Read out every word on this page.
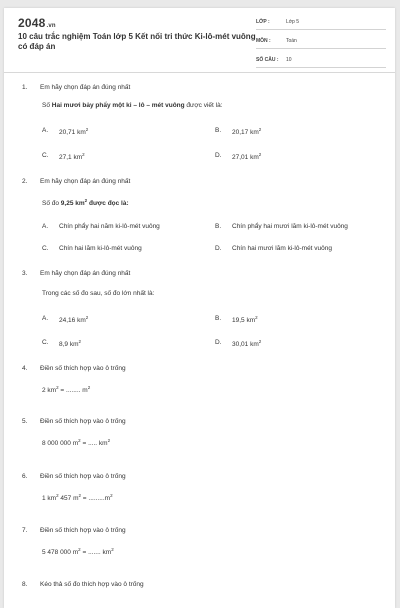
2048.vn
10 câu trắc nghiệm Toán lớp 5 Kết nối tri thức Ki-lô-mét vuông có đáp án
LỚP :	Lớp 5
MÔN :	Toán
SỐ CÂU :	10
1.	Em hãy chọn đáp án đúng nhất
Số Hai mươi bảy phẩy một ki – lô – mét vuông được viết là:
A.	20,71 $km^2$	B.	20,17 $km^2$
C.	27,1 $km^2$	D.	27,01 $km^2$
2.	Em hãy chọn đáp án đúng nhất
Số đo 9,25 $km^2$ được đọc là:
A.	Chín phẩy hai năm ki-lô-mét vuông	B.	Chín phẩy hai mươi lăm ki-lô-mét vuông
C.	Chín hai lăm ki-lô-mét vuông	D.	Chín hai mươi lăm ki-lô-mét vuông
3.	Em hãy chọn đáp án đúng nhất
Trong các số đo sau, số đo lớn nhất là:
A.	24,16 $km^2$	B.	19,5 $km^2$
C.	8,9 $km^2$	D.	30,01 $km^2$
4.	Điền số thích hợp vào ô trống
2 $km^2$ = ........ $m^2$
5.	Điền số thích hợp vào ô trống
8 000 000 $m^2$ = ..... $km^2$
6.	Điền số thích hợp vào ô trống
1 $km^2$ 457 $m^2 = .........m^2$
7.	Điền số thích hợp vào ô trống
5 478 000 $m^2$ = ....... $km^2$
8.	Kéo thả số đo thích hợp vào ô trống
